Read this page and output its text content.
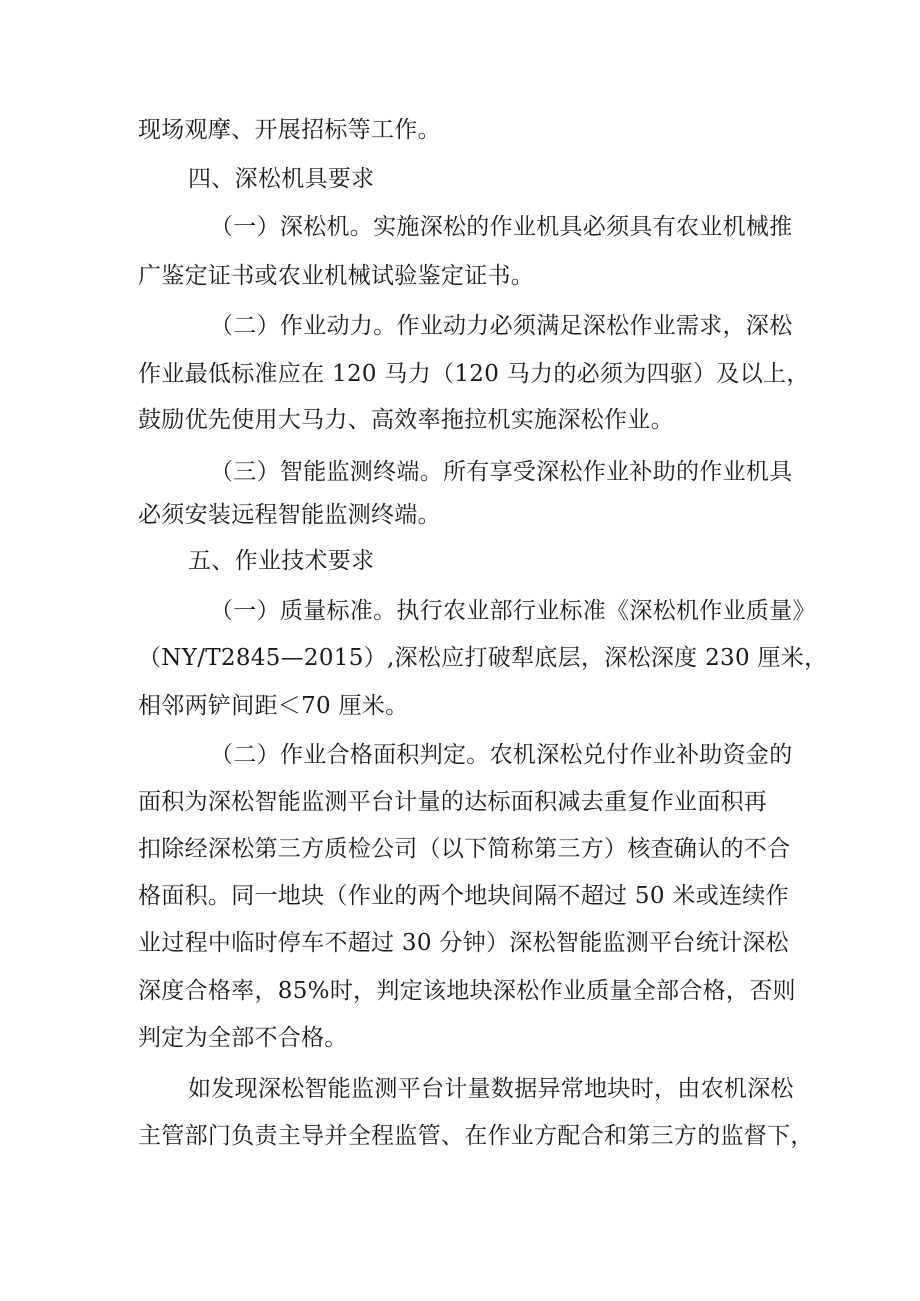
现场观摩、开展招标等工作。
四、深松机具要求
（一）深松机。实施深松的作业机具必须具有农业机械推
广鉴定证书或农业机械试验鉴定证书。
（二）作业动力。作业动力必须满足深松作业需求，深松
作业最低标准应在 120 马力（120 马力的必须为四驱）及以上，
鼓励优先使用大马力、高效率拖拉机实施深松作业。
（三）智能监测终端。所有享受深松作业补助的作业机具
必须安装远程智能监测终端。
五、作业技术要求
（一）质量标准。执行农业部行业标准《深松机作业质量》
（NY/T2845—2015）,深松应打破犁底层，深松深度 230 厘米，
相邻两铲间距＜70 厘米。
（二）作业合格面积判定。农机深松兑付作业补助资金的
面积为深松智能监测平台计量的达标面积减去重复作业面积再
扣除经深松第三方质检公司（以下简称第三方）核查确认的不合
格面积。同一地块（作业的两个地块间隔不超过 50 米或连续作
业过程中临时停车不超过 30 分钟）深松智能监测平台统计深松
深度合格率，85%时，判定该地块深松作业质量全部合格，否则
判定为全部不合格。
如发现深松智能监测平台计量数据异常地块时，由农机深松
主管部门负责主导并全程监管、在作业方配合和第三方的监督下，
